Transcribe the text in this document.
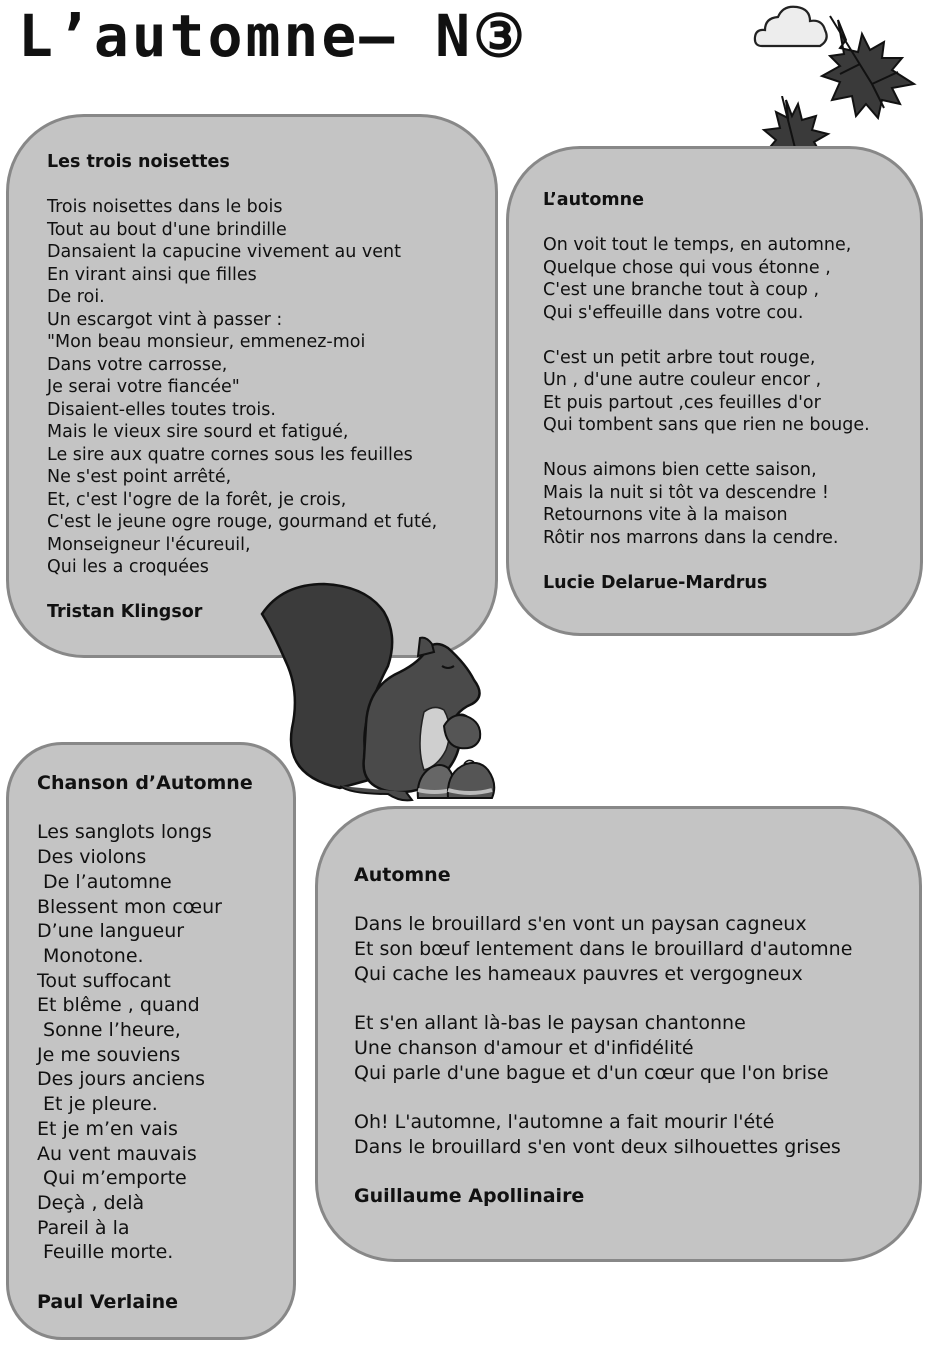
L’automne– N③
Les trois noisettes
Trois noisettes dans le bois
Tout au bout d'une brindille
Dansaient la capucine vivement au vent
En virant ainsi que filles
De roi.
Un escargot vint à passer :
"Mon beau monsieur, emmenez-moi
Dans votre carrosse,
Je serai votre fiancée"
Disaient-elles toutes trois.
Mais le vieux sire sourd et fatigué,
Le sire aux quatre cornes sous les feuilles
Ne s'est point arrêté,
Et, c'est l'ogre de la forêt, je crois,
C'est le jeune ogre rouge, gourmand et futé,
Monseigneur l'écureuil,
Qui les a croquées
Tristan Klingsor
L’automne
On voit tout le temps, en automne,
Quelque chose qui vous étonne ,
C'est une branche tout à coup ,
Qui s'effeuille dans votre cou.
C'est un petit arbre tout rouge,
Un , d'une autre couleur encor ,
Et puis partout ,ces feuilles d'or
Qui tombent sans que rien ne bouge.
Nous aimons bien cette saison,
Mais la nuit si tôt va descendre !
Retournons vite à la maison
Rôtir nos marrons dans la cendre.
Lucie Delarue-Mardrus
Chanson d’Automne
Les sanglots longs
Des violons
De l’automne
Blessent mon cœur
D’une langueur
Monotone.
Tout suffocant
Et blême , quand
Sonne l’heure,
Je me souviens
Des jours anciens
Et je pleure.
Et je m’en vais
Au vent mauvais
Qui m’emporte
Deçà , delà
Pareil à la
Feuille morte.
Paul Verlaine
Automne
Dans le brouillard s'en vont un paysan cagneux
Et son bœuf lentement dans le brouillard d'automne
Qui cache les hameaux pauvres et vergogneux
Et s'en allant là-bas le paysan chantonne
Une chanson d'amour et d'infidélité
Qui parle d'une bague et d'un cœur que l'on brise
Oh! L'automne, l'automne a fait mourir l'été
Dans le brouillard s'en vont deux silhouettes grises
Guillaume Apollinaire
